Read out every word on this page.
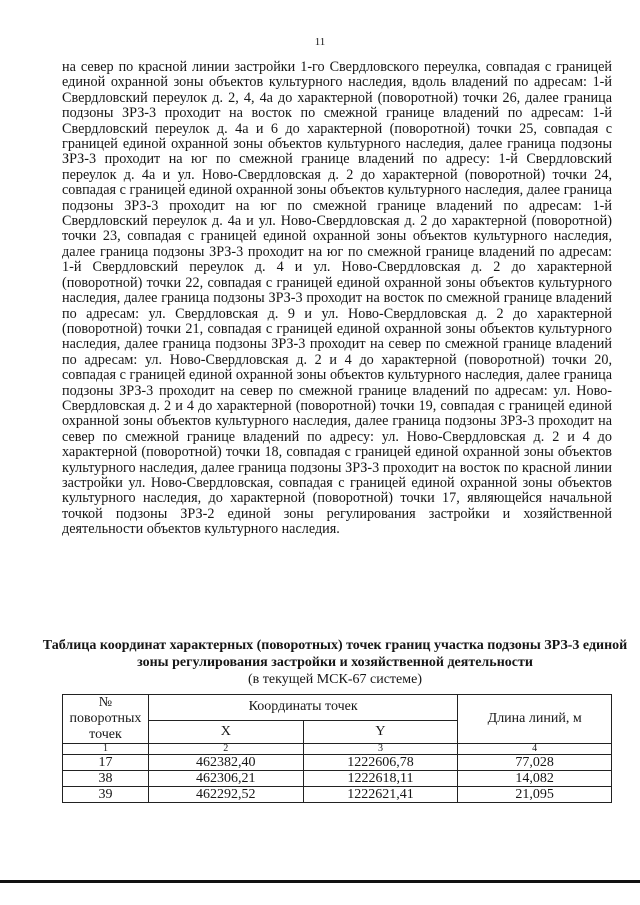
11

на север по красной линии застройки 1-го Свердловского переулка, совпадая с границей единой охранной зоны объектов культурного наследия, вдоль владений по адресам: 1-й Свердловский переулок д. 2, 4, 4а до характерной (поворотной) точки 26, далее граница подзоны ЗРЗ-3 проходит на восток по смежной границе владений по адресам: 1-й Свердловский переулок д. 4а и 6 до характерной (поворотной) точки 25, совпадая с границей единой охранной зоны объектов культурного наследия, далее граница подзоны ЗРЗ-3 проходит на юг по смежной границе владений по адресу: 1-й Свердловский переулок д. 4а и ул. Ново-Свердловская д. 2 до характерной (поворотной) точки 24, совпадая с границей единой охранной зоны объектов культурного наследия, далее граница подзоны ЗРЗ-3 проходит на юг по смежной границе владений по адресам: 1-й Свердловский переулок д. 4а и ул. Ново-Свердловская д. 2 до характерной (поворотной) точки 23, совпадая с границей единой охранной зоны объектов культурного наследия, далее граница подзоны ЗРЗ-3 проходит на юг по смежной границе владений по адресам: 1-й Свердловский переулок д. 4 и ул. Ново-Свердловская д. 2 до характерной (поворотной) точки 22, совпадая с границей единой охранной зоны объектов культурного наследия, далее граница подзоны ЗРЗ-3 проходит на восток по смежной границе владений по адресам: ул. Свердловская д. 9 и ул. Ново-Свердловская д. 2 до характерной (поворотной) точки 21, совпадая с границей единой охранной зоны объектов культурного наследия, далее граница подзоны ЗРЗ-3 проходит на север по смежной границе владений по адресам: ул. Ново-Свердловская д. 2 и 4 до характерной (поворотной) точки 20, совпадая с границей единой охранной зоны объектов культурного наследия, далее граница подзоны ЗРЗ-3 проходит на север по смежной границе владений по адресам: ул. Ново-Свердловская д. 2 и 4 до характерной (поворотной) точки 19, совпадая с границей единой охранной зоны объектов культурного наследия, далее граница подзоны ЗРЗ-3 проходит на север по смежной границе владений по адресу: ул. Ново-Свердловская д. 2 и 4 до характерной (поворотной) точки 18, совпадая с границей единой охранной зоны объектов культурного наследия, далее граница подзоны ЗРЗ-3 проходит на восток по красной линии застройки ул. Ново-Свердловская, совпадая с границей единой охранной зоны объектов культурного наследия, до характерной (поворотной) точки 17, являющейся начальной точкой подзоны ЗРЗ-2 единой зоны регулирования застройки и хозяйственной деятельности объектов культурного наследия.

Таблица координат характерных (поворотных) точек границ участка подзоны ЗРЗ-3 единой зоны регулирования застройки и хозяйственной деятельности

(в текущей МСК-67 системе)
№ поворотных точек	Координаты точек		Длина линий, м
	X	Y	
1	2	3	4
17	462382,40	1222606,78	77,028
38	462306,21	1222618,11	14,082
39	462292,52	1222621,41	21,095
